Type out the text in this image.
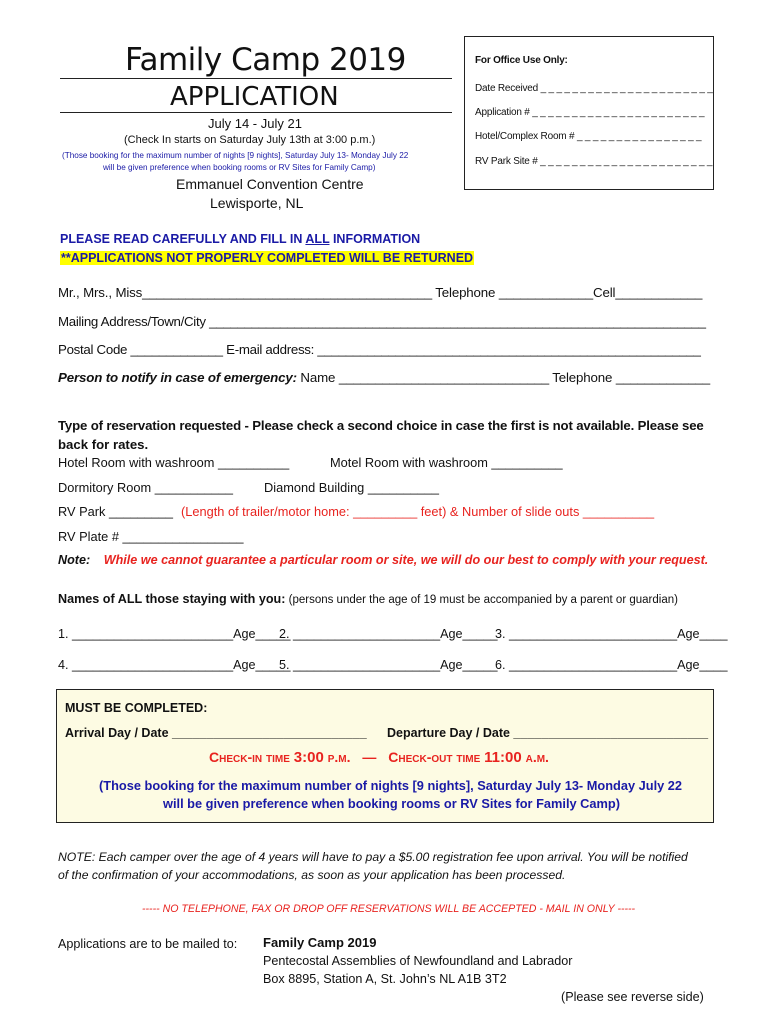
Family Camp 2019
APPLICATION
July 14 - July 21
(Check In starts on Saturday July 13th at 3:00 p.m.)
(Those booking for the maximum number of nights [9 nights], Saturday July 13- Monday July 22
will be given preference when booking rooms or RV Sites for Family Camp)
Emmanuel Convention Centre
Lewisporte, NL
For Office Use Only:
Date Received _ _ _ _ _ _ _ _ _ _ _ _ _ _ _ _ _ _ _ _ _ _
Application # _ _ _ _ _ _ _ _ _ _ _ _ _ _ _ _ _ _ _ _ _ _
Hotel/Complex Room # _ _ _ _ _ _ _ _ _ _ _ _ _ _ _ _
RV Park Site # _ _ _ _ _ _ _ _ _ _ _ _ _ _ _ _ _ _ _ _ _ _
PLEASE READ CAREFULLY AND FILL IN ALL INFORMATION
**APPLICATIONS NOT PROPERLY COMPLETED WILL BE RETURNED
Mr., Mrs., Miss________________________________________ Telephone _____________Cell____________
Mailing Address/Town/City ______________________________________________________________________
Postal Code _____________ E-mail address: ______________________________________________________
Person to notify in case of emergency: Name _____________________________ Telephone _____________
Type of reservation requested - Please check a second choice in case the first is not available. Please see
back for rates.
Hotel Room with washroom __________	Motel Room with washroom __________
Dormitory Room ___________ Diamond Building __________
RV Park _________ (Length of trailer/motor home: _________ feet) & Number of slide outs __________
RV Plate # _________________
Note: While we cannot guarantee a particular room or site, we will do our best to comply with your request.
Names of ALL those staying with you: (persons under the age of 19 must be accompanied by a parent or guardian)
1. _______________________Age_____
2. _____________________Age_____
3. ________________________Age____
4. _______________________Age_____
5. _____________________Age_____
6. ________________________Age____
MUST BE COMPLETED:
Arrival Day / Date ____________________________ Departure Day / Date ____________________________
Check-in time 3:00 p.m. — Check-out time 11:00 a.m.
(Those booking for the maximum number of nights [9 nights], Saturday July 13- Monday July 22
will be given preference when booking rooms or RV Sites for Family Camp)
NOTE: Each camper over the age of 4 years will have to pay a $5.00 registration fee upon arrival. You will be notified
of the confirmation of your accommodations, as soon as your application has been processed.
----- NO TELEPHONE, FAX OR DROP OFF RESERVATIONS WILL BE ACCEPTED - MAIL IN ONLY -----
Applications are to be mailed to: Family Camp 2019
Pentecostal Assemblies of Newfoundland and Labrador
Box 8895, Station A, St. John’s NL A1B 3T2
(Please see reverse side)
